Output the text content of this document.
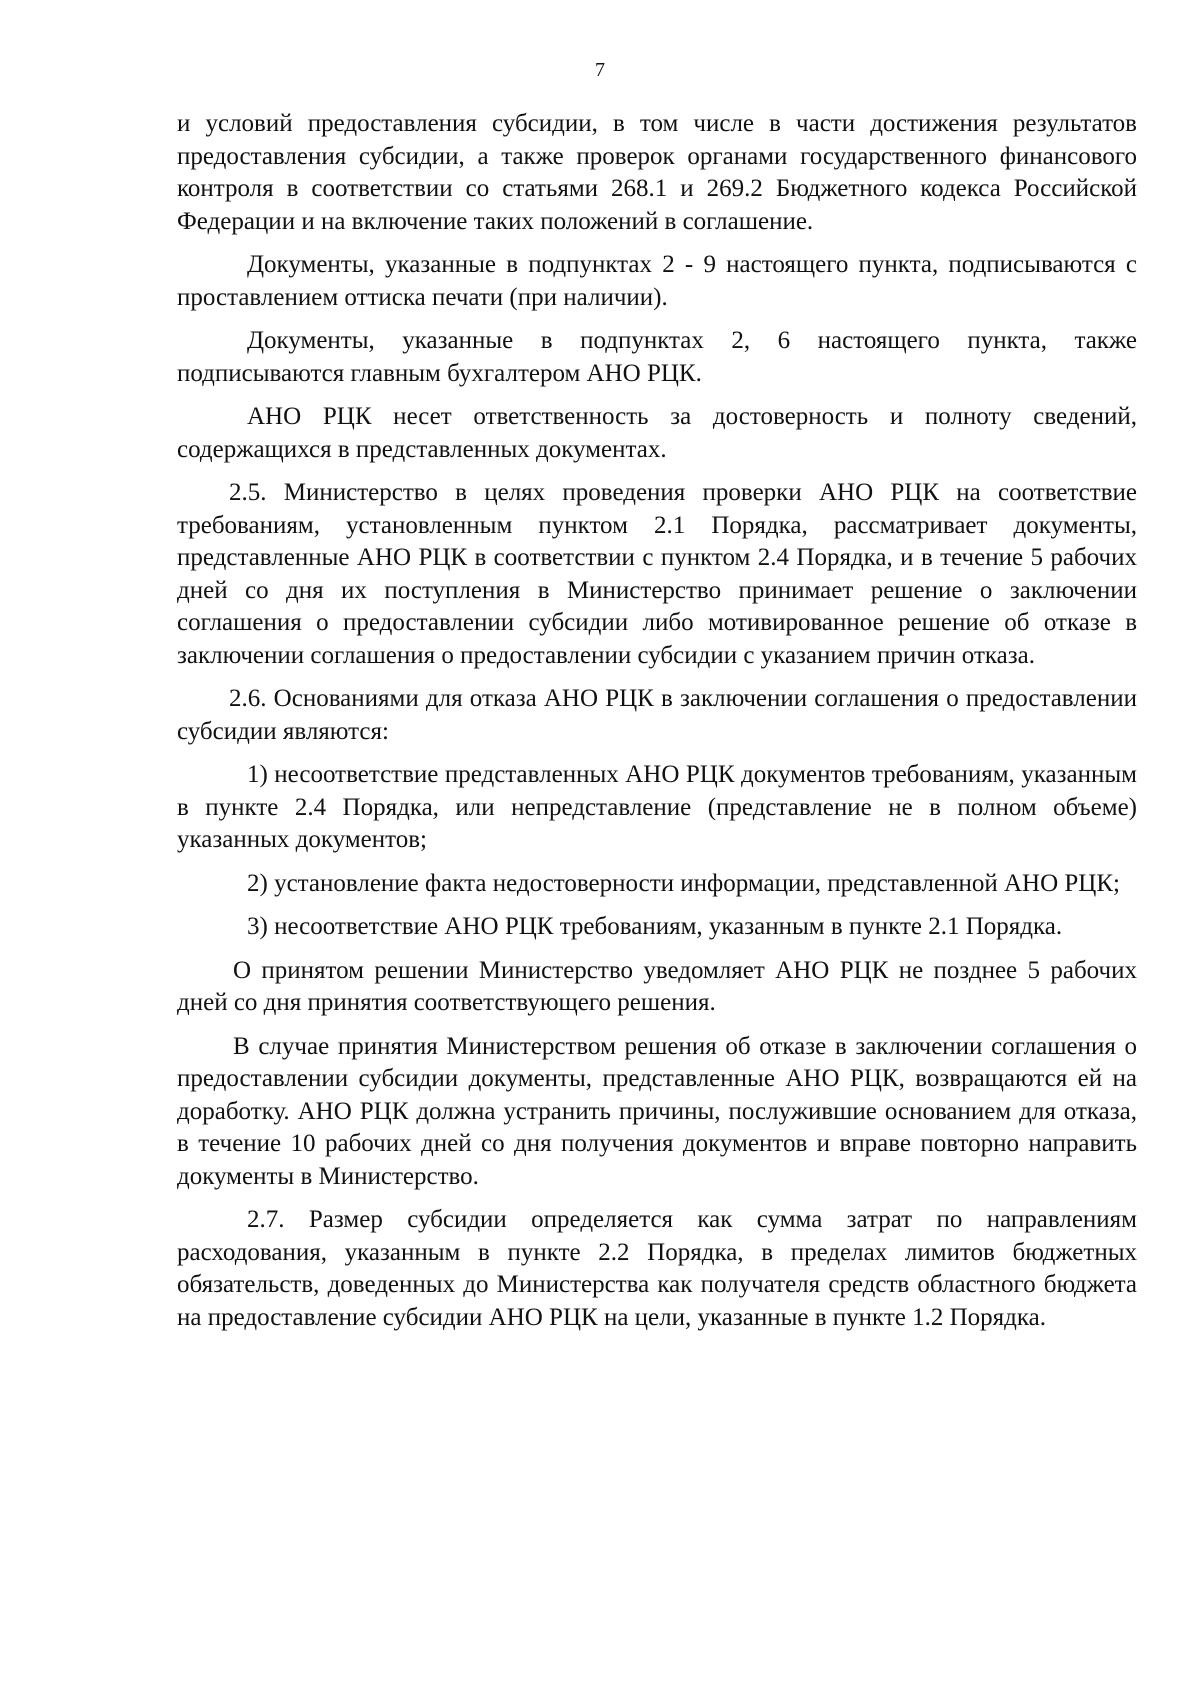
7

и условий предоставления субсидии, в том числе в части достижения результатов предоставления субсидии, а также проверок органами государственного финансового контроля в соответствии со статьями 268.1 и 269.2 Бюджетного кодекса Российской Федерации и на включение таких положений в соглашение.

Документы, указанные в подпунктах 2 - 9 настоящего пункта, подписываются с проставлением оттиска печати (при наличии).

Документы, указанные в подпунктах 2, 6 настоящего пункта, также подписываются главным бухгалтером АНО РЦК.

АНО РЦК несет ответственность за достоверность и полноту сведений, содержащихся в представленных документах.

2.5. Министерство в целях проведения проверки АНО РЦК на соответствие требованиям, установленным пунктом 2.1 Порядка, рассматривает документы, представленные АНО РЦК в соответствии с пунктом 2.4 Порядка, и в течение 5 рабочих дней со дня их поступления в Министерство принимает решение о заключении соглашения о предоставлении субсидии либо мотивированное решение об отказе в заключении соглашения о предоставлении субсидии с указанием причин отказа.

2.6. Основаниями для отказа АНО РЦК в заключении соглашения о предоставлении субсидии являются:

1) несоответствие представленных АНО РЦК документов требованиям, указанным в пункте 2.4 Порядка, или непредставление (представление не в полном объеме) указанных документов;

2) установление факта недостоверности информации, представленной АНО РЦК;

3) несоответствие АНО РЦК требованиям, указанным в пункте 2.1 Порядка.

О принятом решении Министерство уведомляет АНО РЦК не позднее 5 рабочих дней со дня принятия соответствующего решения.

В случае принятия Министерством решения об отказе в заключении соглашения о предоставлении субсидии документы, представленные АНО РЦК, возвращаются ей на доработку. АНО РЦК должна устранить причины, послужившие основанием для отказа, в течение 10 рабочих дней со дня получения документов и вправе повторно направить документы в Министерство.

2.7. Размер субсидии определяется как сумма затрат по направлениям расходования, указанным в пункте 2.2 Порядка, в пределах лимитов бюджетных обязательств, доведенных до Министерства как получателя средств областного бюджета на предоставление субсидии АНО РЦК на цели, указанные в пункте 1.2 Порядка.
